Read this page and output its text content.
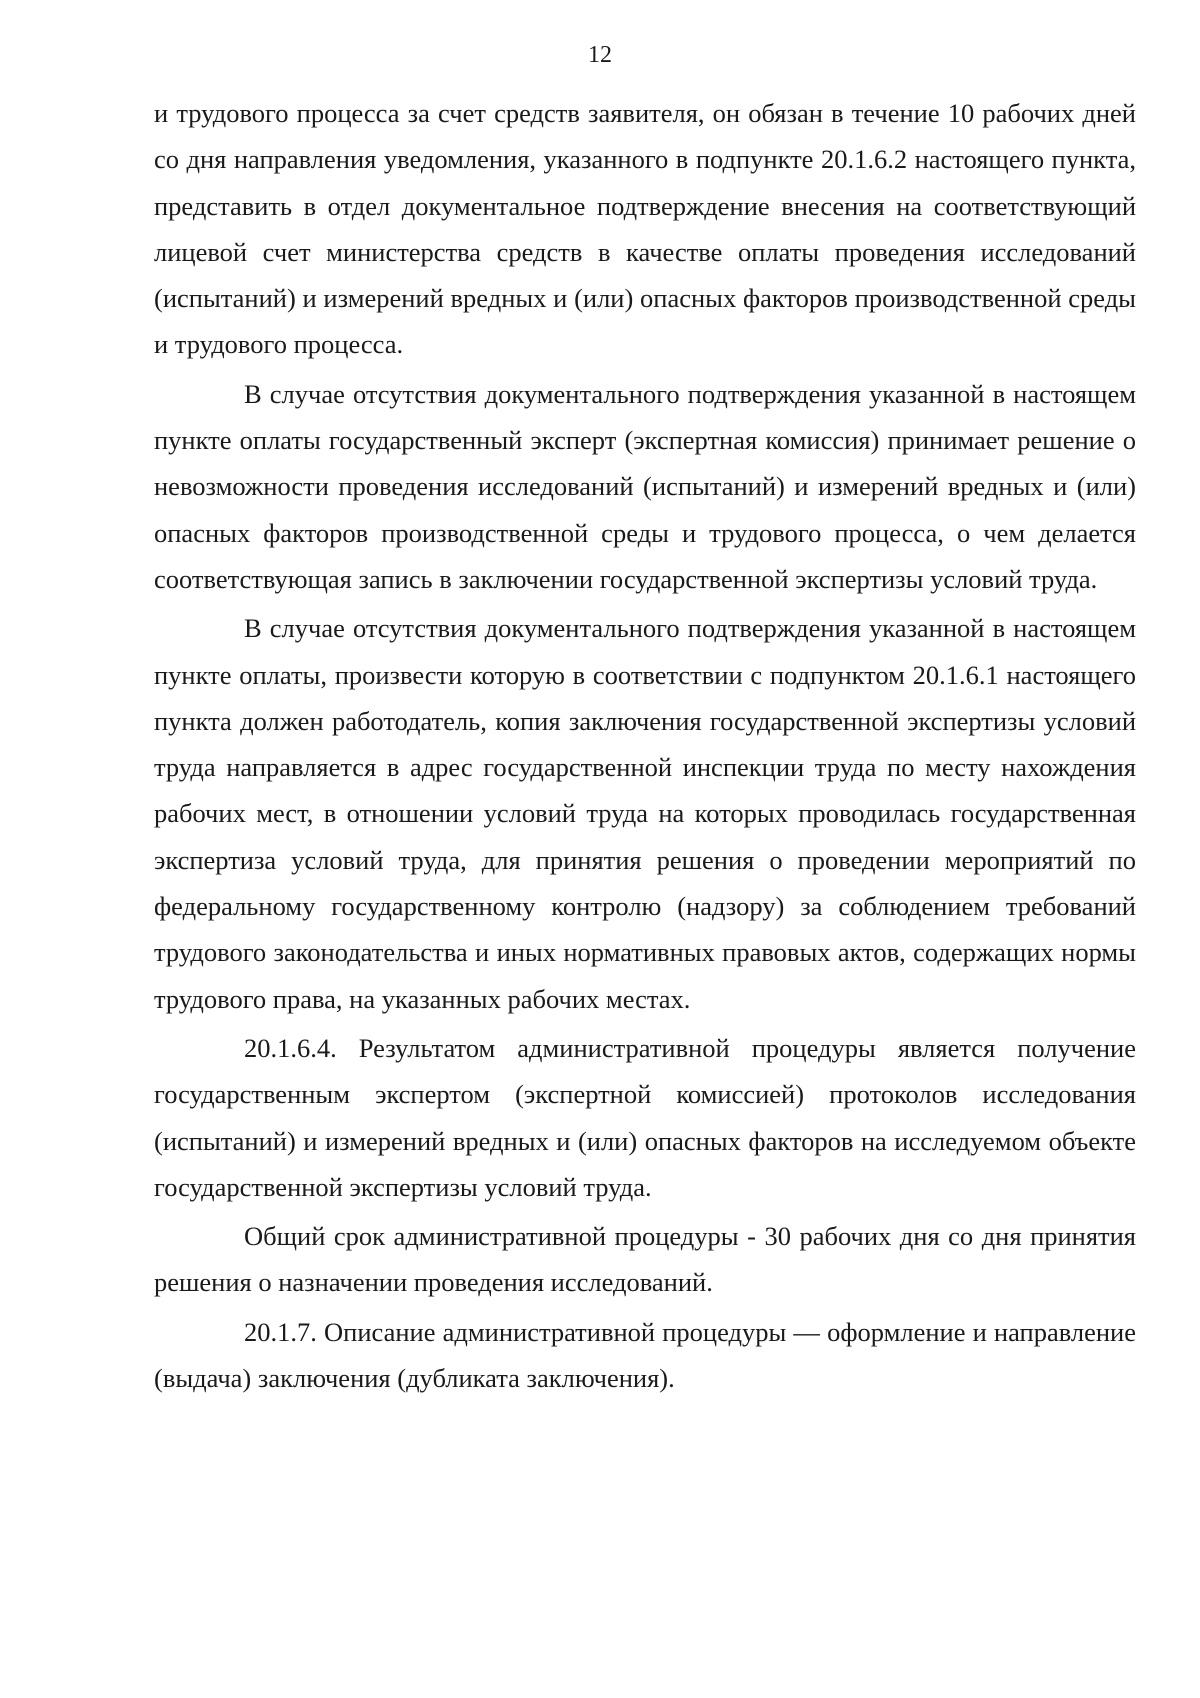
12

и трудового процесса за счет средств заявителя, он обязан в течение 10 рабочих дней со дня направления уведомления, указанного в подпункте 20.1.6.2 настоящего пункта, представить в отдел документальное подтверждение внесения на соответствующий лицевой счет министерства средств в качестве оплаты проведения исследований (испытаний) и измерений вредных и (или) опасных факторов производственной среды и трудового процесса.

В случае отсутствия документального подтверждения указанной в настоящем пункте оплаты государственный эксперт (экспертная комиссия) принимает решение о невозможности проведения исследований (испытаний) и измерений вредных и (или) опасных факторов производственной среды и трудового процесса, о чем делается соответствующая запись в заключении государственной экспертизы условий труда.

В случае отсутствия документального подтверждения указанной в настоящем пункте оплаты, произвести которую в соответствии с подпунктом 20.1.6.1 настоящего пункта должен работодатель, копия заключения государственной экспертизы условий труда направляется в адрес государственной инспекции труда по месту нахождения рабочих мест, в отношении условий труда на которых проводилась государственная экспертиза условий труда, для принятия решения о проведении мероприятий по федеральному государственному контролю (надзору) за соблюдением требований трудового законодательства и иных нормативных правовых актов, содержащих нормы трудового права, на указанных рабочих местах.

20.1.6.4. Результатом административной процедуры является получение государственным экспертом (экспертной комиссией) протоколов исследования (испытаний) и измерений вредных и (или) опасных факторов на исследуемом объекте государственной экспертизы условий труда.

Общий срок административной процедуры - 30 рабочих дня со дня принятия решения о назначении проведения исследований.

20.1.7. Описание административной процедуры — оформление и направление (выдача) заключения (дубликата заключения).
